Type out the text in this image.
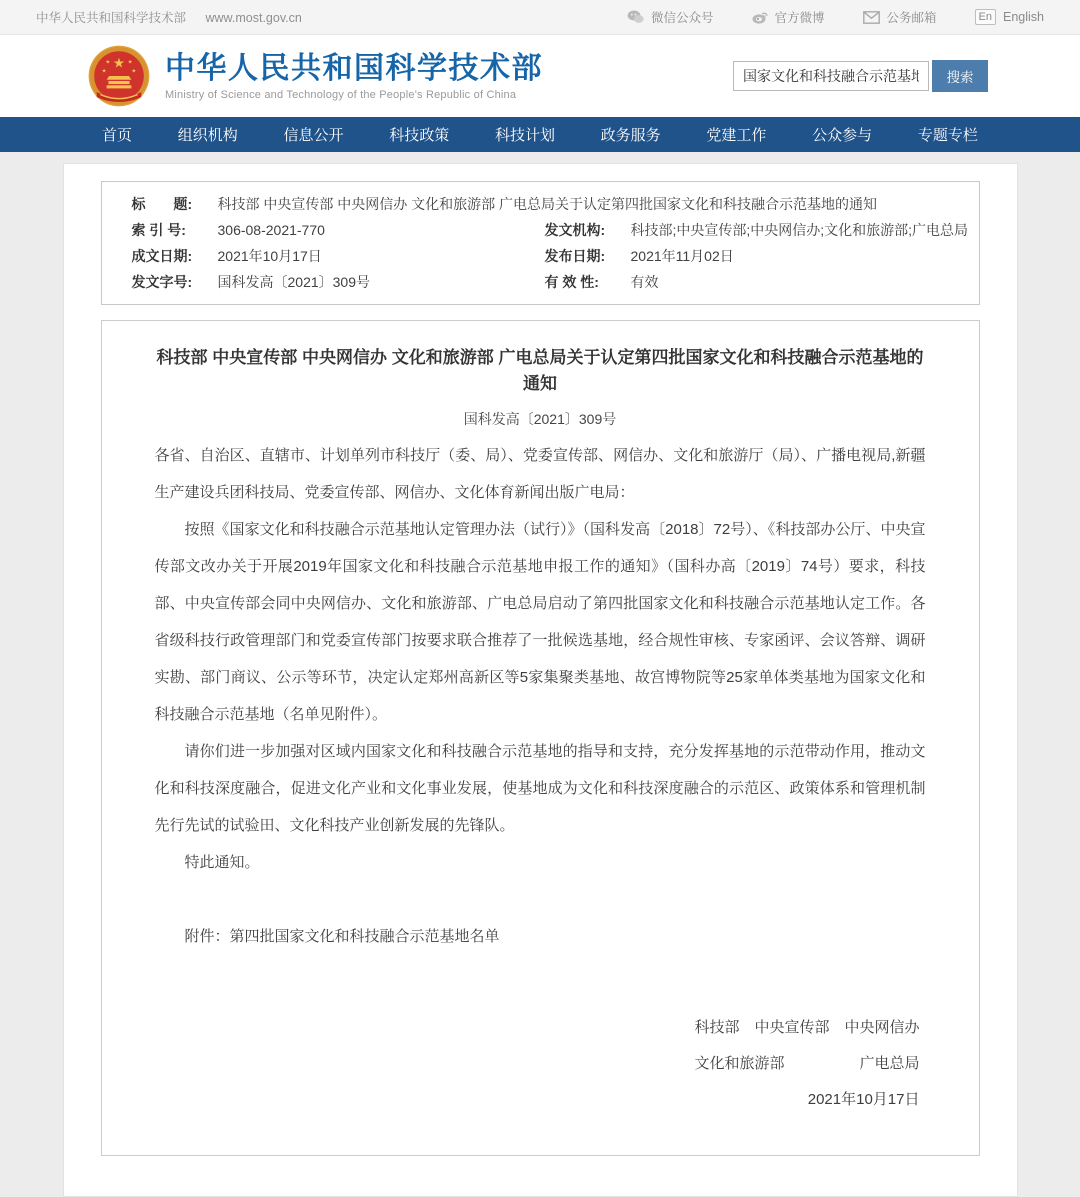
中华人民共和国科学技术部 www.most.gov.cn	微信公众号	官方微博	公务邮箱	En English
★
★ ★
★	★ 中华人民共和国科学技术部
Ministry of Science and Technology of the People's Republic of China
国家文化和科技融合示范基地
搜索
首页	组织机构	信息公开	科技政策	科技计划	政务服务	党建工作	公众参与	专题专栏
标　　题:	科技部 中央宣传部 中央网信办 文化和旅游部 广电总局关于认定第四批国家文化和科技融合示范基地的通知
索 引 号:	306-08-2021-770	发文机构:	科技部;中央宣传部;中央网信办;文化和旅游部;广电总局
成文日期:	2021年10月17日	发布日期:	2021年11月02日
发文字号:	国科发高〔2021〕309号	有 效 性:	有效
科技部 中央宣传部 中央网信办 文化和旅游部 广电总局关于认定第四批国家文化和科技融合示范基地的通知
国科发高〔2021〕309号

各省、自治区、直辖市、计划单列市科技厅（委、局）、党委宣传部、网信办、文化和旅游厅（局）、广播电视局,新疆生产建设兵团科技局、党委宣传部、网信办、文化体育新闻出版广电局：

按照《国家文化和科技融合示范基地认定管理办法（试行）》（国科发高〔2018〕72号）、《科技部办公厅、中央宣传部文改办关于开展2019年国家文化和科技融合示范基地申报工作的通知》（国科办高〔2019〕74号）要求，科技部、中央宣传部会同中央网信办、文化和旅游部、广电总局启动了第四批国家文化和科技融合示范基地认定工作。各省级科技行政管理部门和党委宣传部门按要求联合推荐了一批候选基地，经合规性审核、专家函评、会议答辩、调研实勘、部门商议、公示等环节，决定认定郑州高新区等5家集聚类基地、故宫博物院等25家单体类基地为国家文化和科技融合示范基地（名单见附件）。

请你们进一步加强对区域内国家文化和科技融合示范基地的指导和支持，充分发挥基地的示范带动作用，推动文化和科技深度融合，促进文化产业和文化事业发展，使基地成为文化和科技深度融合的示范区、政策体系和管理机制先行先试的试验田、文化科技产业创新发展的先锋队。

特此通知。

附件：第四批国家文化和科技融合示范基地名单

科技部　中央宣传部　中央网信办

文化和旅游部　　　　　广电总局

2021年10月17日
